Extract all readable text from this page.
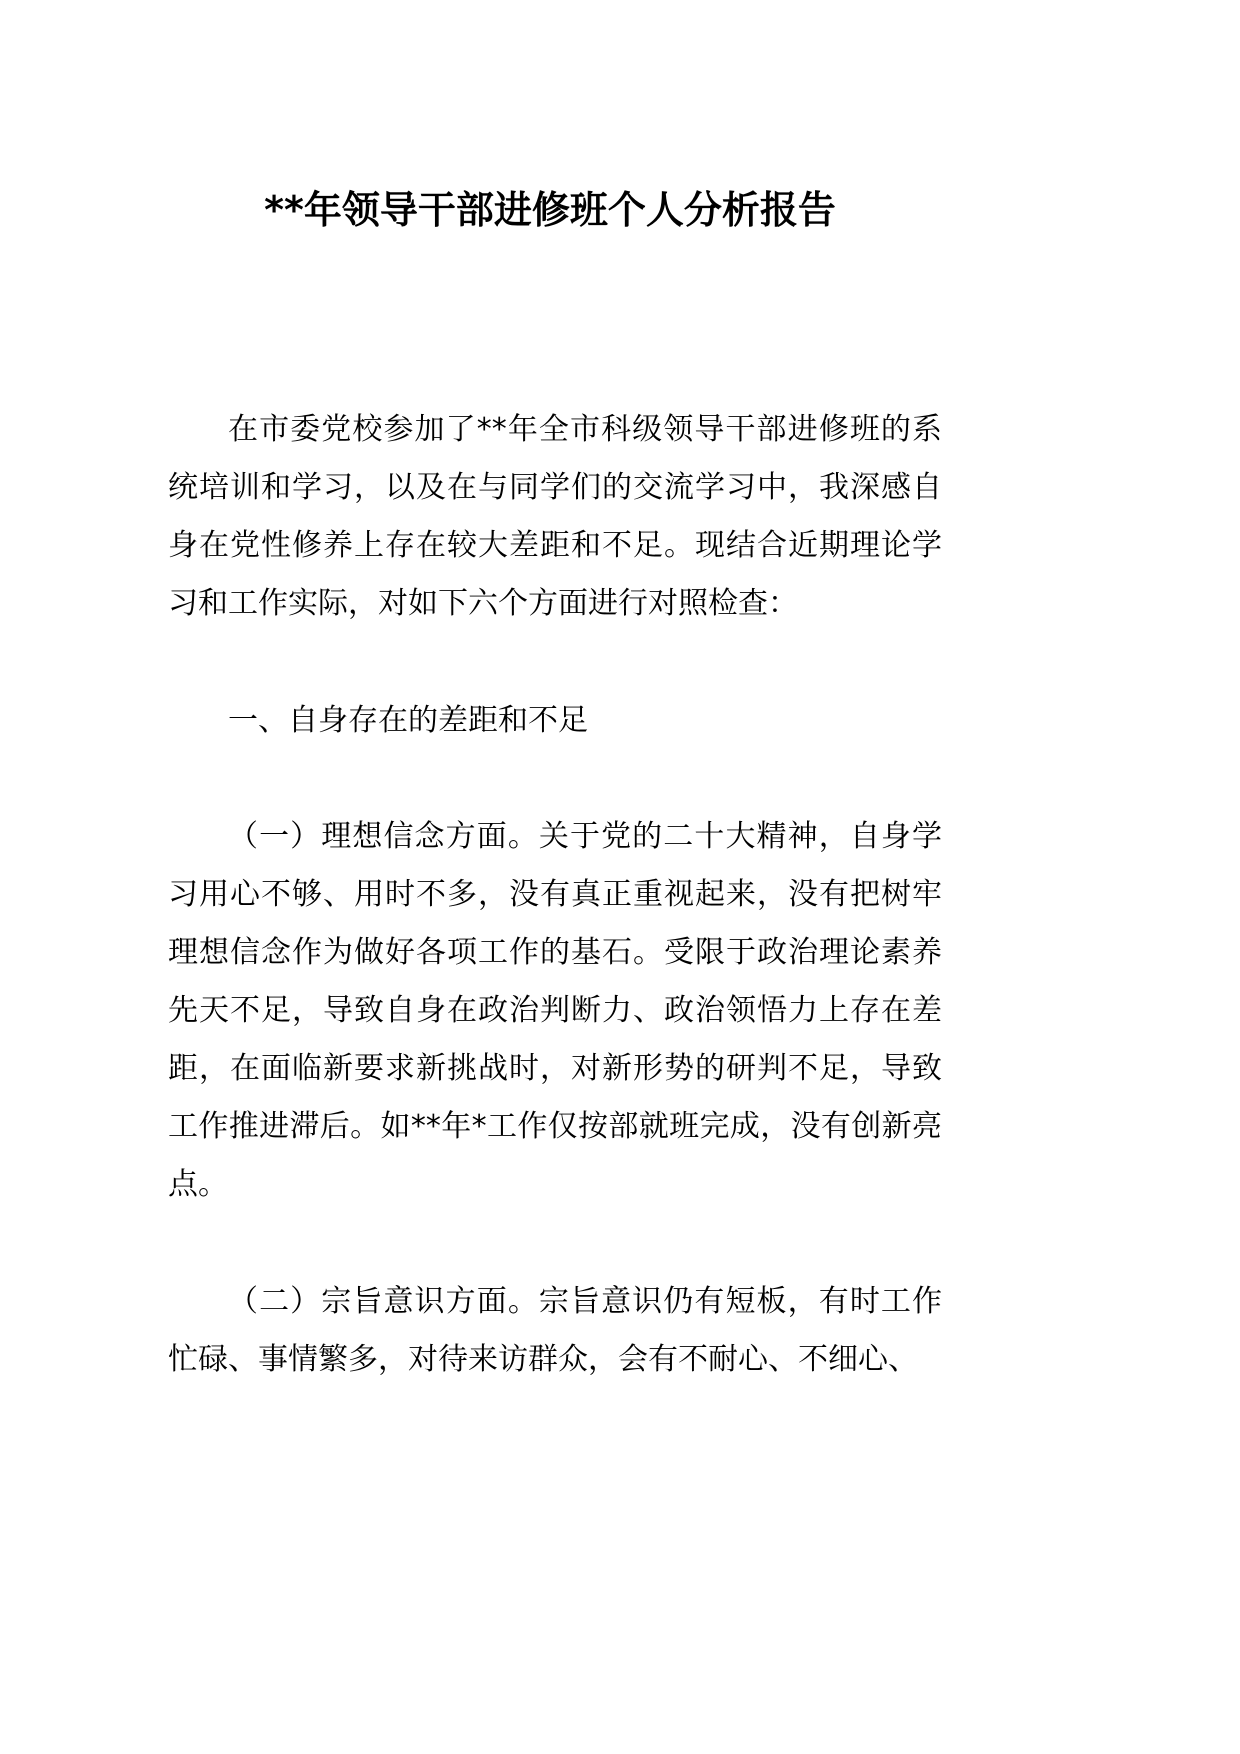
**年领导干部进修班个人分析报告

在市委党校参加了**年全市科级领导干部进修班的系统培训和学习，以及在与同学们的交流学习中，我深感自身在党性修养上存在较大差距和不足。现结合近期理论学习和工作实际，对如下六个方面进行对照检查：

一、自身存在的差距和不足

（一）理想信念方面。关于党的二十大精神，自身学习用心不够、用时不多，没有真正重视起来，没有把树牢理想信念作为做好各项工作的基石。受限于政治理论素养先天不足，导致自身在政治判断力、政治领悟力上存在差距，在面临新要求新挑战时，对新形势的研判不足，导致工作推进滞后。如**年*工作仅按部就班完成，没有创新亮点。

（二）宗旨意识方面。宗旨意识仍有短板，有时工作忙碌、事情繁多，对待来访群众，会有不耐心、不细心、
